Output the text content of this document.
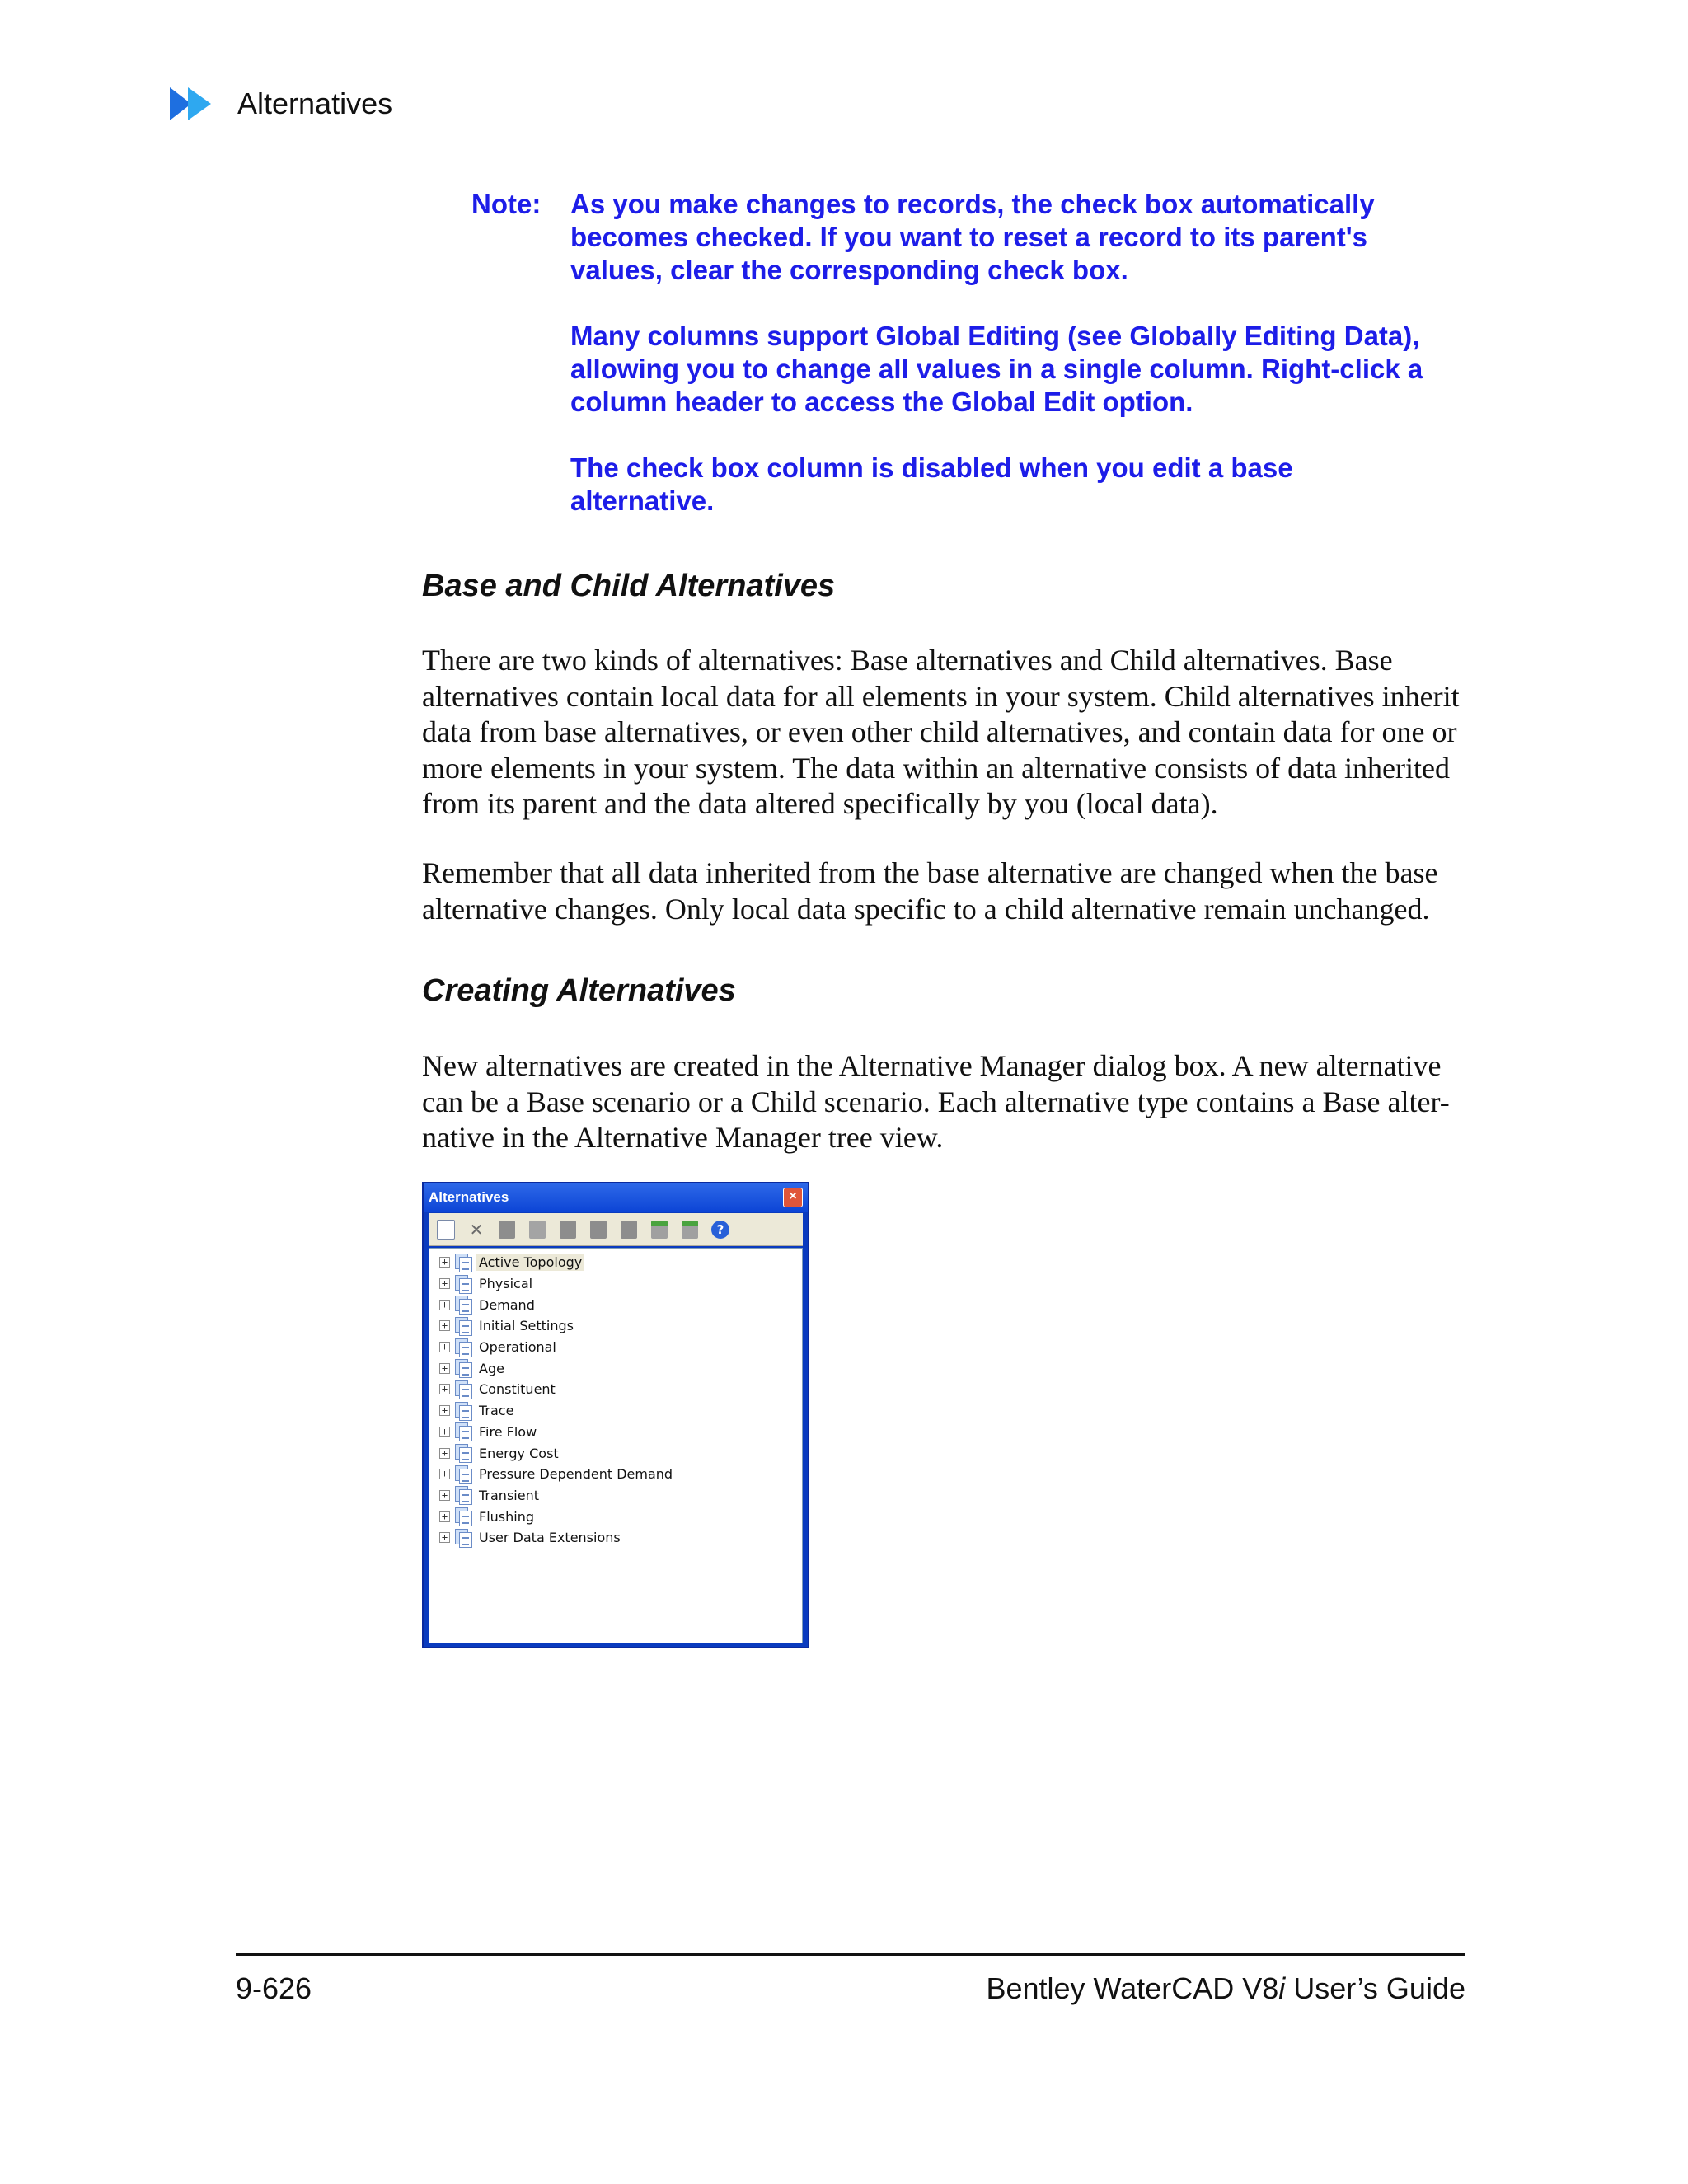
Alternatives
Note: As you make changes to records, the check box automatically becomes checked. If you want to reset a record to its parent's values, clear the corresponding check box.

Many columns support Global Editing (see Globally Editing Data), allowing you to change all values in a single column. Right-click a column header to access the Global Edit option.

The check box column is disabled when you edit a base alternative.

Base and Child Alternatives

There are two kinds of alternatives: Base alternatives and Child alternatives. Base alternatives contain local data for all elements in your system. Child alternatives inherit data from base alternatives, or even other child alternatives, and contain data for one or more elements in your system. The data within an alternative consists of data inherited from its parent and the data altered specifically by you (local data).

Remember that all data inherited from the base alternative are changed when the base alternative changes. Only local data specific to a child alternative remain unchanged.

Creating Alternatives

New alternatives are created in the Alternative Manager dialog box. A new alternative can be a Base scenario or a Child scenario. Each alternative type contains a Base alter-native in the Alternative Manager tree view.

Alternatives	×
✕	?
+ Active Topology
+ Physical
+ Demand
+ Initial Settings
+ Operational
+ Age
+ Constituent
+ Trace
+ Fire Flow
+ Energy Cost
+ Pressure Dependent Demand
+ Transient
+ Flushing
+ User Data Extensions
9-626	Bentley WaterCAD V8i User’s Guide
